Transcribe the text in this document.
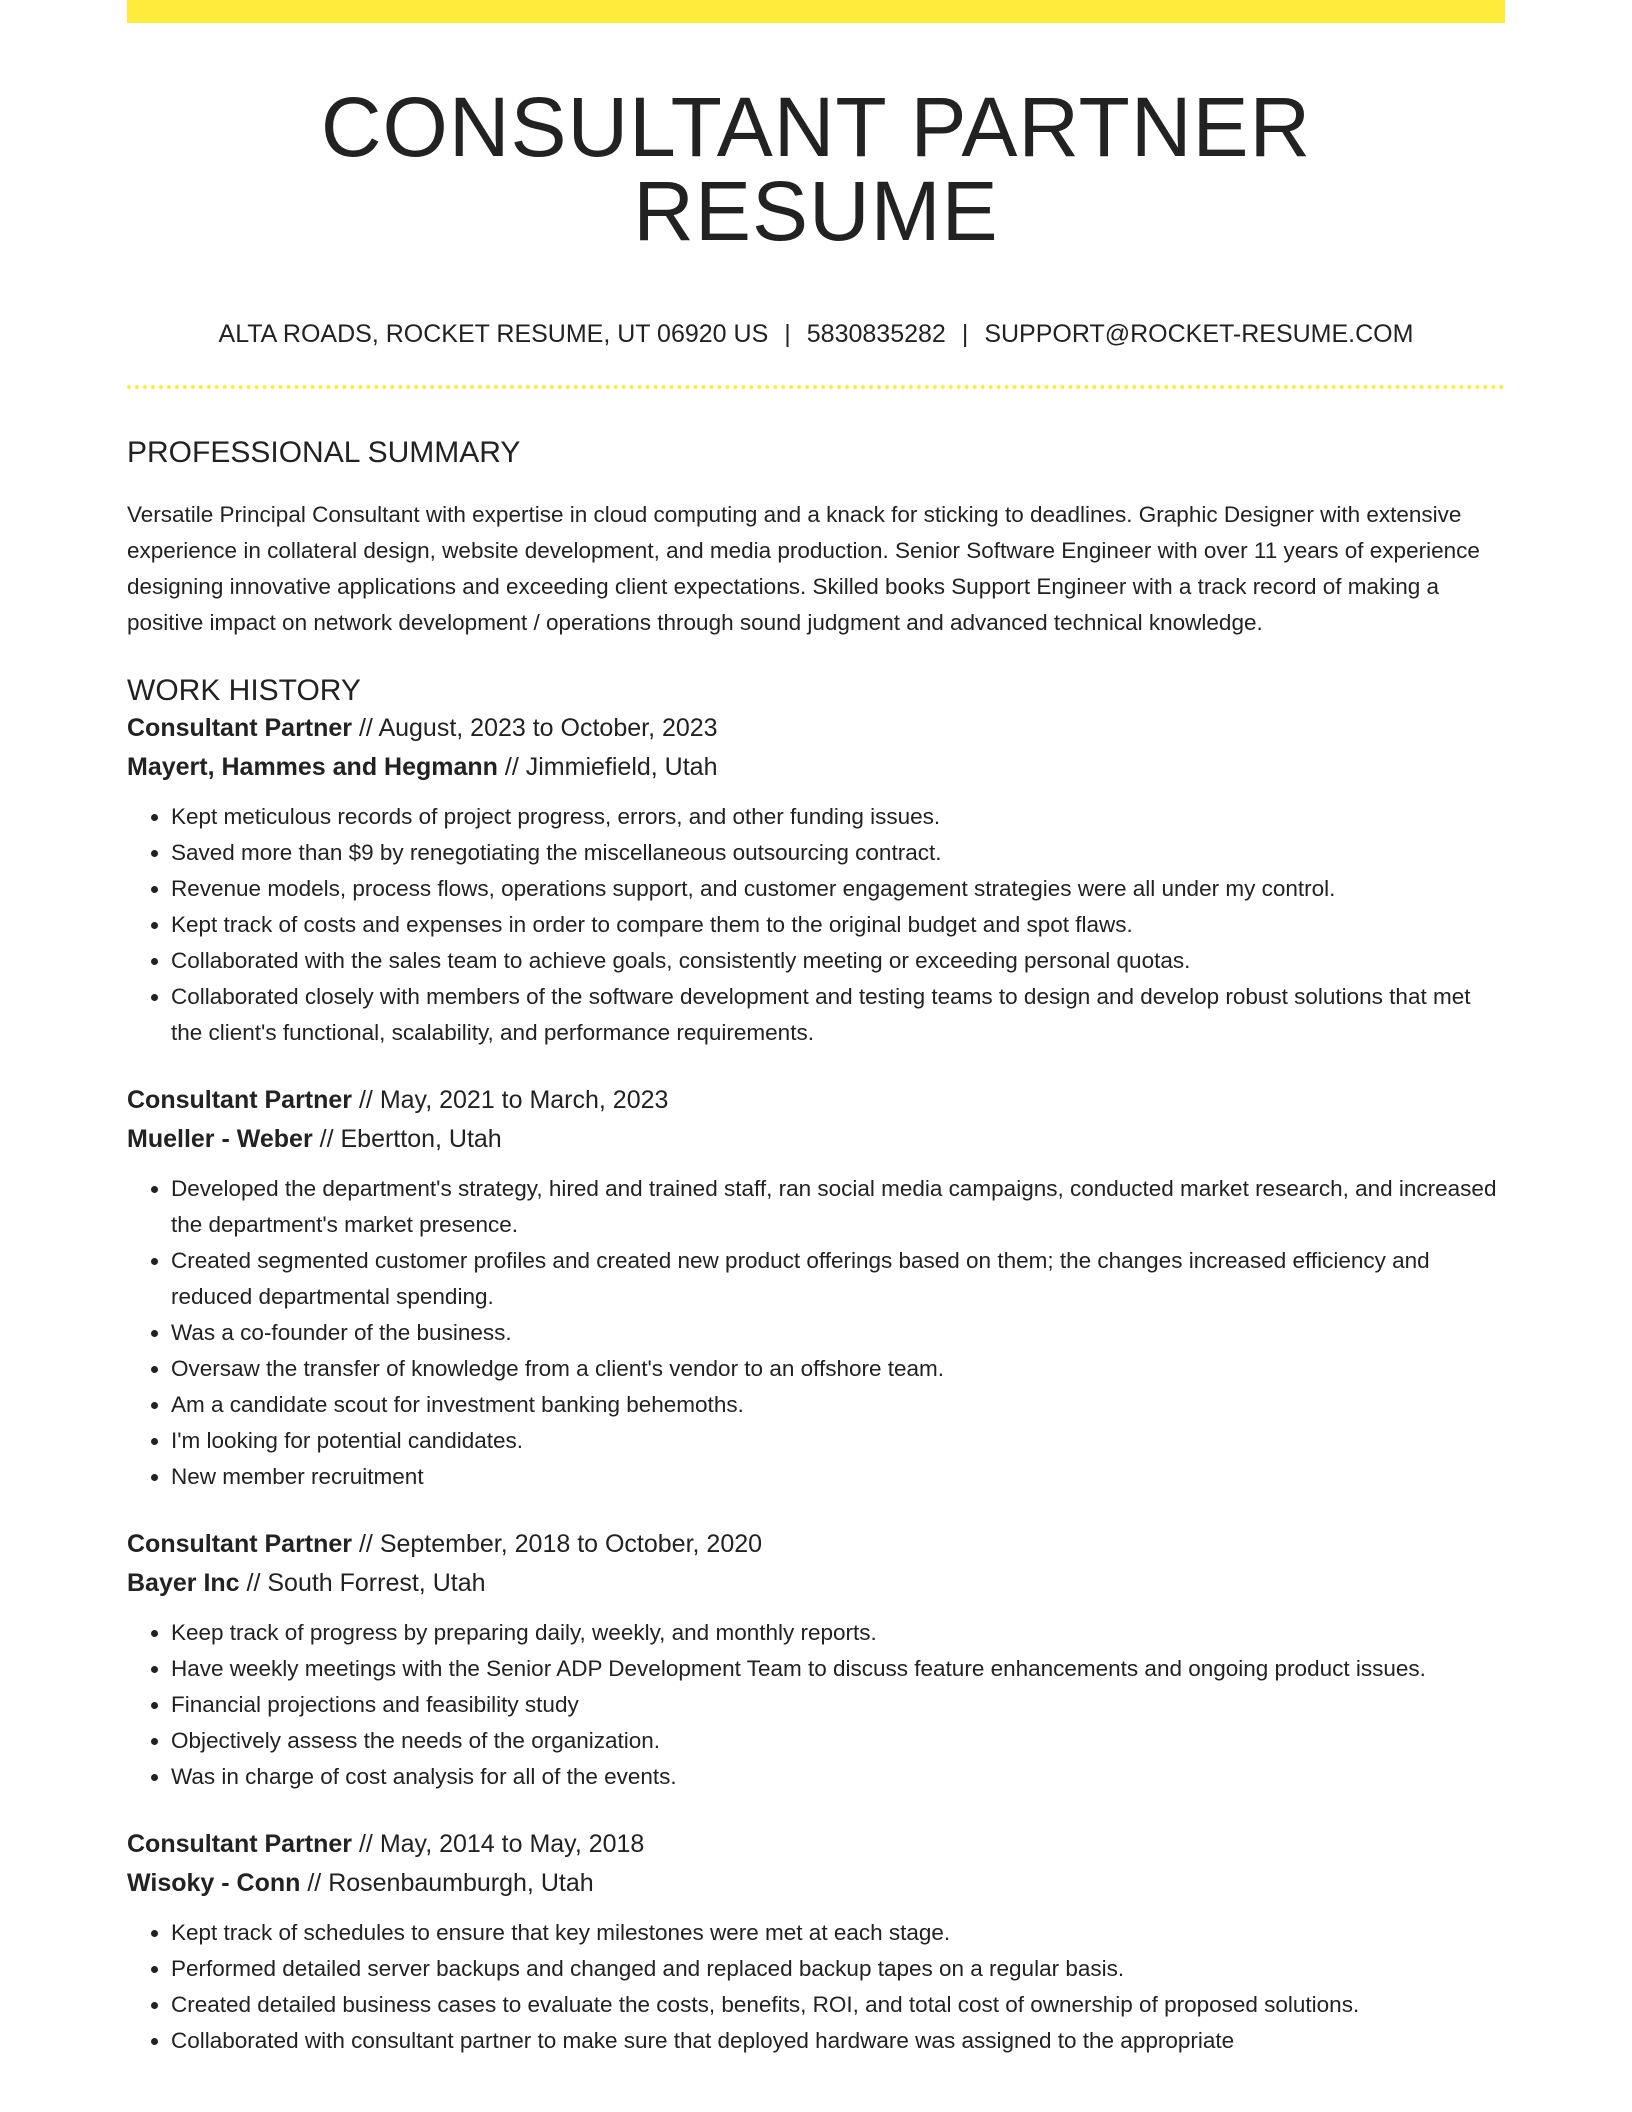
CONSULTANT PARTNER RESUME
ALTA ROADS, ROCKET RESUME, UT 06920 US | 5830835282 | SUPPORT@ROCKET-RESUME.COM
PROFESSIONAL SUMMARY

Versatile Principal Consultant with expertise in cloud computing and a knack for sticking to deadlines. Graphic Designer with extensive experience in collateral design, website development, and media production. Senior Software Engineer with over 11 years of experience designing innovative applications and exceeding client expectations. Skilled books Support Engineer with a track record of making a positive impact on network development / operations through sound judgment and advanced technical knowledge.

WORK HISTORY
Consultant Partner // August, 2023 to October, 2023
Mayert, Hammes and Hegmann // Jimmiefield, Utah
• Kept meticulous records of project progress, errors, and other funding issues.
• Saved more than $9 by renegotiating the miscellaneous outsourcing contract.
• Revenue models, process flows, operations support, and customer engagement strategies were all under my control.
• Kept track of costs and expenses in order to compare them to the original budget and spot flaws.
• Collaborated with the sales team to achieve goals, consistently meeting or exceeding personal quotas.
• Collaborated closely with members of the software development and testing teams to design and develop robust solutions that met the client's functional, scalability, and performance requirements.
Consultant Partner // May, 2021 to March, 2023
Mueller - Weber // Ebertton, Utah
• Developed the department's strategy, hired and trained staff, ran social media campaigns, conducted market research, and increased the department's market presence.
• Created segmented customer profiles and created new product offerings based on them; the changes increased efficiency and reduced departmental spending.
• Was a co-founder of the business.
• Oversaw the transfer of knowledge from a client's vendor to an offshore team.
• Am a candidate scout for investment banking behemoths.
• I'm looking for potential candidates.
• New member recruitment
Consultant Partner // September, 2018 to October, 2020
Bayer Inc // South Forrest, Utah
• Keep track of progress by preparing daily, weekly, and monthly reports.
• Have weekly meetings with the Senior ADP Development Team to discuss feature enhancements and ongoing product issues.
• Financial projections and feasibility study
• Objectively assess the needs of the organization.
• Was in charge of cost analysis for all of the events.
Consultant Partner // May, 2014 to May, 2018
Wisoky - Conn // Rosenbaumburgh, Utah
• Kept track of schedules to ensure that key milestones were met at each stage.
• Performed detailed server backups and changed and replaced backup tapes on a regular basis.
• Created detailed business cases to evaluate the costs, benefits, ROI, and total cost of ownership of proposed solutions.
• Collaborated with consultant partner to make sure that deployed hardware was assigned to the appropriate
